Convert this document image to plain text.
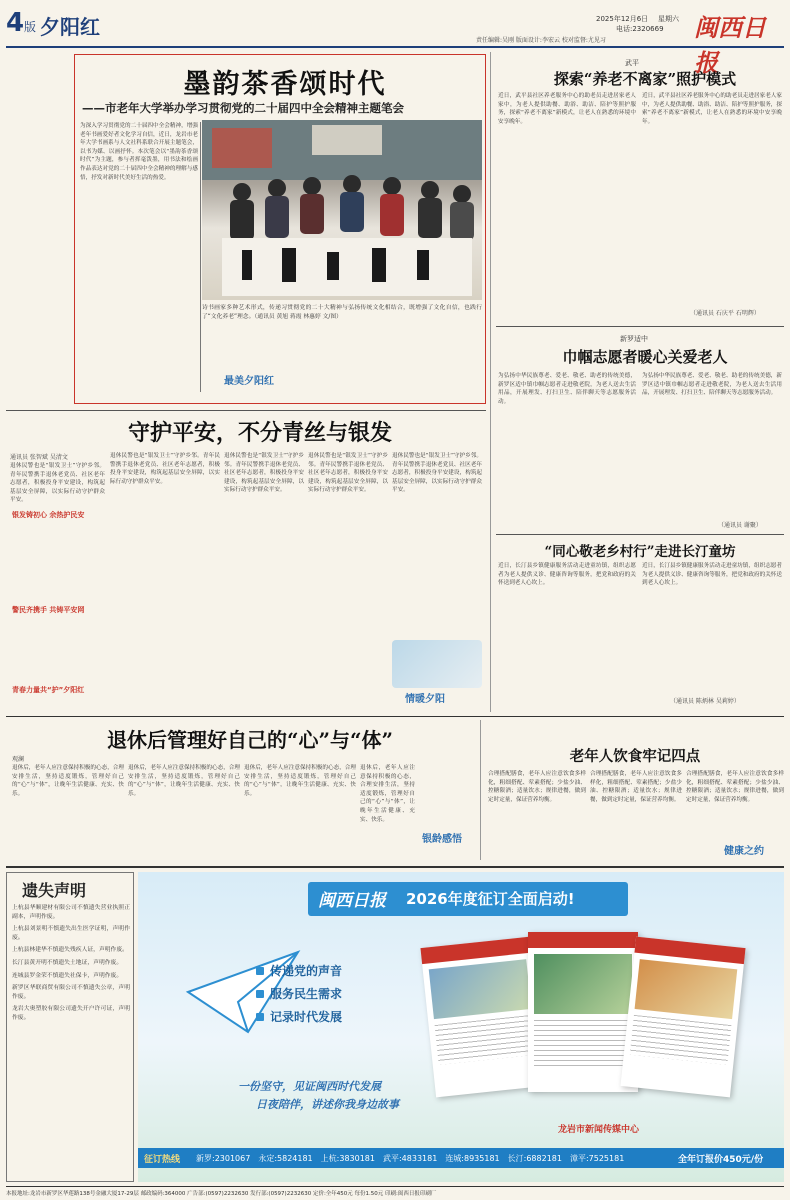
4 版 夕阳红	2025年12月6日 星期六
电话:2320669
责任编辑:吴刚 版面设计:李宏云 校对监督:尤见习	闽西日报
墨韵茶香颂时代
——市老年大学举办学习贯彻党的二十届四中全会精神主题笔会
为深入学习贯彻党的二十届四中全会精神，增强老年书画爱好者文化学习自信，近日，龙岩市老年大学书画系与人文社科系联合开展主题笔会，以书为媒、以画抒怀。本次笔会以“墨韵茶香颂时代”为主题，参与者挥毫泼墨，用书法和绘画作品表达对党的二十届四中全会精神的理解与感悟，抒发对新时代美好生活的热爱。
诗书画家多种艺术形式，传递习贯彻党的二十大精神与弘扬传统文化相结合，既增强了文化自信，也践行了“文化养老”理念。（通讯员 黄旭 蒋霞 林惠婷 文/图）
最美夕阳红
守护平安，不分青丝与银发
通讯员 张智斌 吴清文
退休民警也是“银发卫士”守护乡邻。青年民警携手退休老党员、社区老年志愿者，积极投身平安建设，构筑起基层安全屏障，以实际行动守护群众平安。
银发铸初心 余热护民安
警民齐携手 共铸平安网
青春力量共“护”夕阳红
退休民警也是“银发卫士”守护乡邻。青年民警携手退休老党员、社区老年志愿者，积极投身平安建设，构筑起基层安全屏障，以实际行动守护群众平安。
退休民警也是“银发卫士”守护乡邻。青年民警携手退休老党员、社区老年志愿者，积极投身平安建设，构筑起基层安全屏障，以实际行动守护群众平安。
退休民警也是“银发卫士”守护乡邻。青年民警携手退休老党员、社区老年志愿者，积极投身平安建设，构筑起基层安全屏障，以实际行动守护群众平安。
退休民警也是“银发卫士”守护乡邻。青年民警携手退休老党员、社区老年志愿者，积极投身平安建设，构筑起基层安全屏障，以实际行动守护群众平安。
情暖夕阳
武平
探索“养老不离家”照护模式
近日，武平县社区养老服务中心的助老员走进居家老人家中，为老人提供助餐、助浴、助洁、陪护等照护服务，探索“养老不离家”新模式，让老人在熟悉的环境中安享晚年。
近日，武平县社区养老服务中心的助老员走进居家老人家中，为老人提供助餐、助浴、助洁、陪护等照护服务，探索“养老不离家”新模式，让老人在熟悉的环境中安享晚年。
（通讯员 石庆平 石明辉）
新罗适中
巾帼志愿者暖心关爱老人
为弘扬中华民族尊老、爱老、敬老、助老的传统美德，新罗区适中镇巾帼志愿者走进敬老院，为老人送去生活用品，开展理发、打扫卫生、陪伴聊天等志愿服务活动。
为弘扬中华民族尊老、爱老、敬老、助老的传统美德，新罗区适中镇巾帼志愿者走进敬老院，为老人送去生活用品，开展理发、打扫卫生、陪伴聊天等志愿服务活动。
（通讯员 谢聚）
“同心敬老乡村行”走进长汀童坊
近日，长汀县乡镇健康服务活动走进童坊镇，组织志愿者为老人提供义诊、健康咨询等服务，把党和政府的关怀送到老人心坎上。
近日，长汀县乡镇健康服务活动走进童坊镇，组织志愿者为老人提供义诊、健康咨询等服务，把党和政府的关怀送到老人心坎上。
（通讯员 陈炳林 吴莉婷）
退休后管理好自己的“心”与“体”
观澜
退休后，老年人应注意保持积极的心态，合理安排生活，坚持适度锻炼，管理好自己的“心”与“体”，让晚年生活健康、充实、快乐。
退休后，老年人应注意保持积极的心态，合理安排生活，坚持适度锻炼，管理好自己的“心”与“体”，让晚年生活健康、充实、快乐。
退休后，老年人应注意保持积极的心态，合理安排生活，坚持适度锻炼，管理好自己的“心”与“体”，让晚年生活健康、充实、快乐。
退休后，老年人应注意保持积极的心态，合理安排生活，坚持适度锻炼，管理好自己的“心”与“体”，让晚年生活健康、充实、快乐。
银龄感悟
老年人饮食牢记四点
合理搭配膳食，老年人应注意饮食多样化，粗细搭配、荤素搭配；少盐少油、控糖限酒；适量饮水；规律进餐，做到定时定量，保证营养均衡。
合理搭配膳食，老年人应注意饮食多样化，粗细搭配、荤素搭配；少盐少油、控糖限酒；适量饮水；规律进餐，做到定时定量，保证营养均衡。
合理搭配膳食，老年人应注意饮食多样化，粗细搭配、荤素搭配；少盐少油、控糖限酒；适量饮水；规律进餐，做到定时定量，保证营养均衡。
健康之约
遗失声明
上杭县华顺建材有限公司不慎遗失营业执照正副本，声明作废。
上杭县刘景明不慎遗失出生医学证明，声明作废。
上杭县林建华不慎遗失残疾人证，声明作废。
长汀县黄开明不慎遗失土地证，声明作废。
连城县罗金荣不慎遗失社保卡，声明作废。
新罗区华联商贸有限公司不慎遗失公章，声明作废。
龙岩大奥塑胶有限公司遗失开户许可证，声明作废。
闽西日报 2026年度征订全面启动!
传递党的声音
服务民生需求
记录时代发展
一份坚守，见证闽西时代发展
日夜陪伴，讲述你我身边故事
龙岩市新闻传媒中心
征订热线 新罗:2301067 永定:5824181 上杭:3830181 武平:4833181 连城:8935181 长汀:6882181 漳平:7525181	全年订报价450元/份
本报地址:龙岩市新罗区华莲路138号金融大厦17-29层 邮政编码:364000 广告部:(0597)2232630 发行部:(0597)2232630 定价:全年450元 每份1.50元 印刷:闽西日报印刷厂
